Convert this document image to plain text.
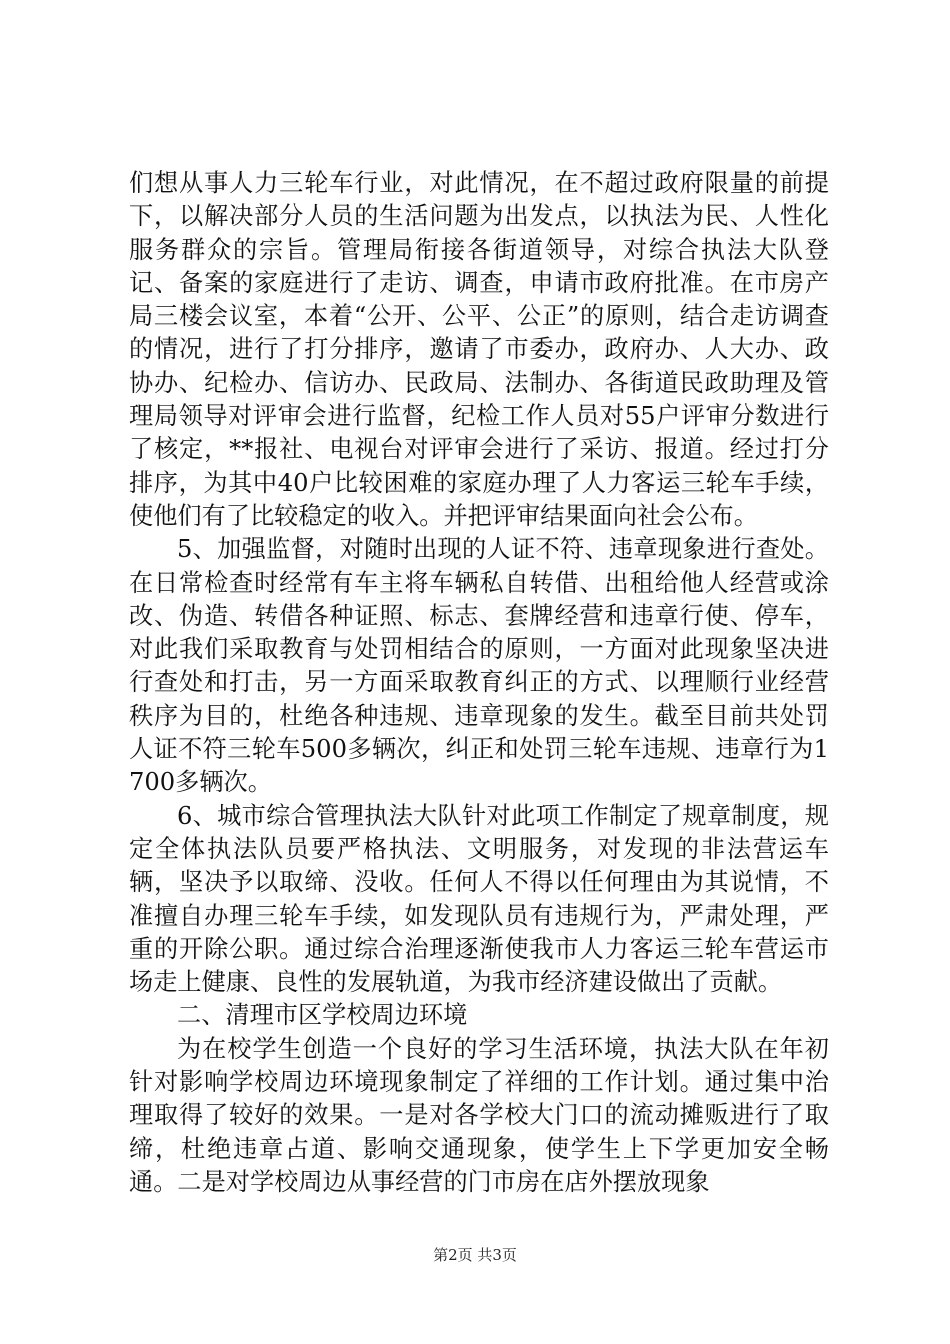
们想从事人力三轮车行业，对此情况，在不超过政府限量的前提下，以解决部分人员的生活问题为出发点，以执法为民、人性化服务群众的宗旨。管理局衔接各街道领导，对综合执法大队登记、备案的家庭进行了走访、调查，申请市政府批准。在市房产局三楼会议室，本着“公开、公平、公正”的原则，结合走访调查的情况，进行了打分排序，邀请了市委办，政府办、人大办、政协办、纪检办、信访办、民政局、法制办、各街道民政助理及管理局领导对评审会进行监督，纪检工作人员对55户评审分数进行了核定，**报社、电视台对评审会进行了采访、报道。经过打分排序，为其中40户比较困难的家庭办理了人力客运三轮车手续，使他们有了比较稳定的收入。并把评审结果面向社会公布。

5、加强监督，对随时出现的人证不符、违章现象进行查处。在日常检查时经常有车主将车辆私自转借、出租给他人经营或涂改、伪造、转借各种证照、标志、套牌经营和违章行使、停车，对此我们采取教育与处罚相结合的原则，一方面对此现象坚决进行查处和打击，另一方面采取教育纠正的方式、以理顺行业经营秩序为目的，杜绝各种违规、违章现象的发生。截至目前共处罚人证不符三轮车500多辆次，纠正和处罚三轮车违规、违章行为1700多辆次。

6、城市综合管理执法大队针对此项工作制定了规章制度，规定全体执法队员要严格执法、文明服务，对发现的非法营运车辆，坚决予以取缔、没收。任何人不得以任何理由为其说情，不准擅自办理三轮车手续，如发现队员有违规行为，严肃处理，严重的开除公职。通过综合治理逐渐使我市人力客运三轮车营运市场走上健康、良性的发展轨道，为我市经济建设做出了贡献。

二、清理市区学校周边环境

为在校学生创造一个良好的学习生活环境，执法大队在年初针对影响学校周边环境现象制定了祥细的工作计划。通过集中治理取得了较好的效果。一是对各学校大门口的流动摊贩进行了取缔，杜绝违章占道、影响交通现象，使学生上下学更加安全畅通。二是对学校周边从事经营的门市房在店外摆放现象

第2页 共3页
